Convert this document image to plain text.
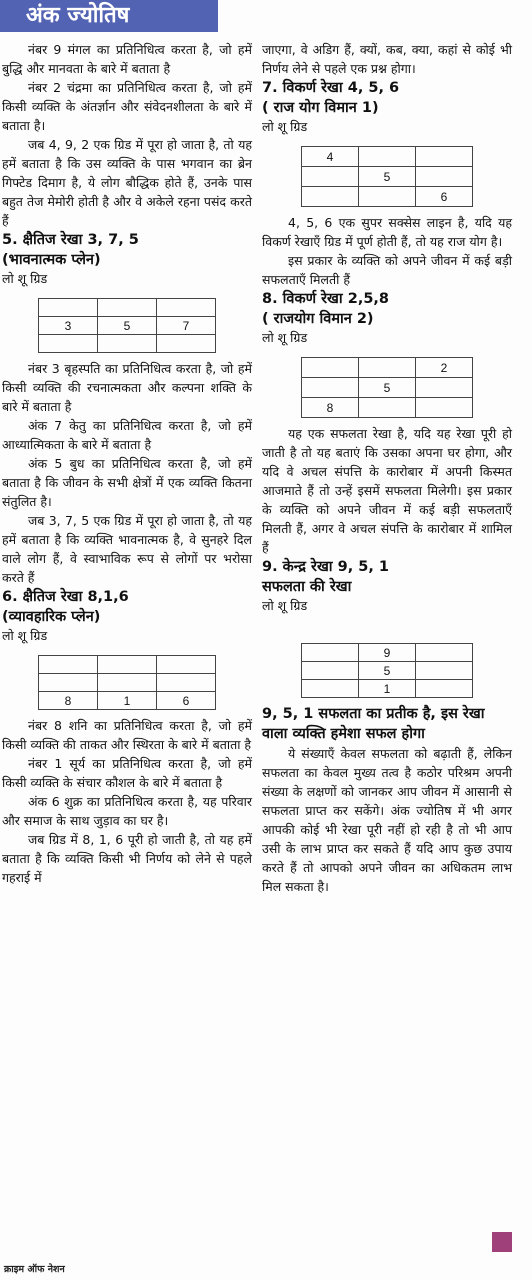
अंक ज्योतिष

नंबर 9 मंगल का प्रतिनिधित्व करता है, जो हमें बुद्धि और मानवता के बारे में बताता है

नंबर 2 चंद्रमा का प्रतिनिधित्व करता है, जो हमें किसी व्यक्ति के अंतर्ज्ञान और संवेदनशीलता के बारे में बताता है।

जब 4, 9, 2 एक ग्रिड में पूरा हो जाता है, तो यह हमें बताता है कि उस व्यक्ति के पास भगवान का ब्रेन गिफ्टेड दिमाग है, ये लोग बौद्धिक होते हैं, उनके पास बहुत तेज मेमोरी होती है और वे अकेले रहना पसंद करते हैं

5. क्षैतिज रेखा 3, 7, 5
(भावनात्मक प्लेन)
लो शू ग्रिड

3	5	7

नंबर 3 बृहस्पति का प्रतिनिधित्व करता है, जो हमें किसी व्यक्ति की रचनात्मकता और कल्पना शक्ति के बारे में बताता है

अंक 7 केतु का प्रतिनिधित्व करता है, जो हमें आध्यात्मिकता के बारे में बताता है

अंक 5 बुध का प्रतिनिधित्व करता है, जो हमें बताता है कि जीवन के सभी क्षेत्रों में एक व्यक्ति कितना संतुलित है।

जब 3, 7, 5 एक ग्रिड में पूरा हो जाता है, तो यह हमें बताता है कि व्यक्ति भावनात्मक है, वे सुनहरे दिल वाले लोग हैं, वे स्वाभाविक रूप से लोगों पर भरोसा करते हैं

6. क्षैतिज रेखा 8,1,6
(व्यावहारिक प्लेन)
लो शू ग्रिड

8	1	6

नंबर 8 शनि का प्रतिनिधित्व करता है, जो हमें किसी व्यक्ति की ताकत और स्थिरता के बारे में बताता है

नंबर 1 सूर्य का प्रतिनिधित्व करता है, जो हमें किसी व्यक्ति के संचार कौशल के बारे में बताता है

अंक 6 शुक्र का प्रतिनिधित्व करता है, यह परिवार और समाज के साथ जुड़ाव का घर है।

जब ग्रिड में 8, 1, 6 पूरी हो जाती है, तो यह हमें बताता है कि व्यक्ति किसी भी निर्णय को लेने से पहले गहराई में

जाएगा, वे अडिग हैं, क्यों, कब, क्या, कहां से कोई भी निर्णय लेने से पहले एक प्रश्न होगा।

7. विकर्ण रेखा 4, 5, 6
( राज योग विमान 1)
लो शू ग्रिड
4		
	5	
		6

4, 5, 6 एक सुपर सक्सेस लाइन है, यदि यह विकर्ण रेखाएँ ग्रिड में पूर्ण होती हैं, तो यह राज योग है।

इस प्रकार के व्यक्ति को अपने जीवन में कई बड़ी सफलताएँ मिलती हैं

8. विकर्ण रेखा 2,5,8
( राजयोग विमान 2)
लो शू ग्रिड
		2
	5	
8		

यह एक सफलता रेखा है, यदि यह रेखा पूरी हो जाती है तो यह बताएं कि उसका अपना घर होगा, और यदि वे अचल संपत्ति के कारोबार में अपनी किस्मत आजमाते हैं तो उन्हें इसमें सफलता मिलेगी। इस प्रकार के व्यक्ति को अपने जीवन में कई बड़ी सफलताएँ मिलती हैं, अगर वे अचल संपत्ति के कारोबार में शामिल हैं

9. केन्द्र रेखा 9, 5, 1
सफलता की रेखा
लो शू ग्रिड
	9	
	5	
	1	
9, 5, 1 सफलता का प्रतीक है, इस रेखा वाला व्यक्ति हमेशा सफल होगा

ये संख्याएँ केवल सफलता को बढ़ाती हैं, लेकिन सफलता का केवल मुख्य तत्व है कठोर परिश्रम अपनी संख्या के लक्षणों को जानकर आप जीवन में आसानी से सफलता प्राप्त कर सकेंगे। अंक ज्योतिष में भी अगर आपकी कोई भी रेखा पूरी नहीं हो रही है तो भी आप उसी के लाभ प्राप्त कर सकते हैं यदि आप कुछ उपाय करते हैं तो आपको अपने जीवन का अधिकतम लाभ मिल सकता है।

क्राइम ऑफ नेशन
